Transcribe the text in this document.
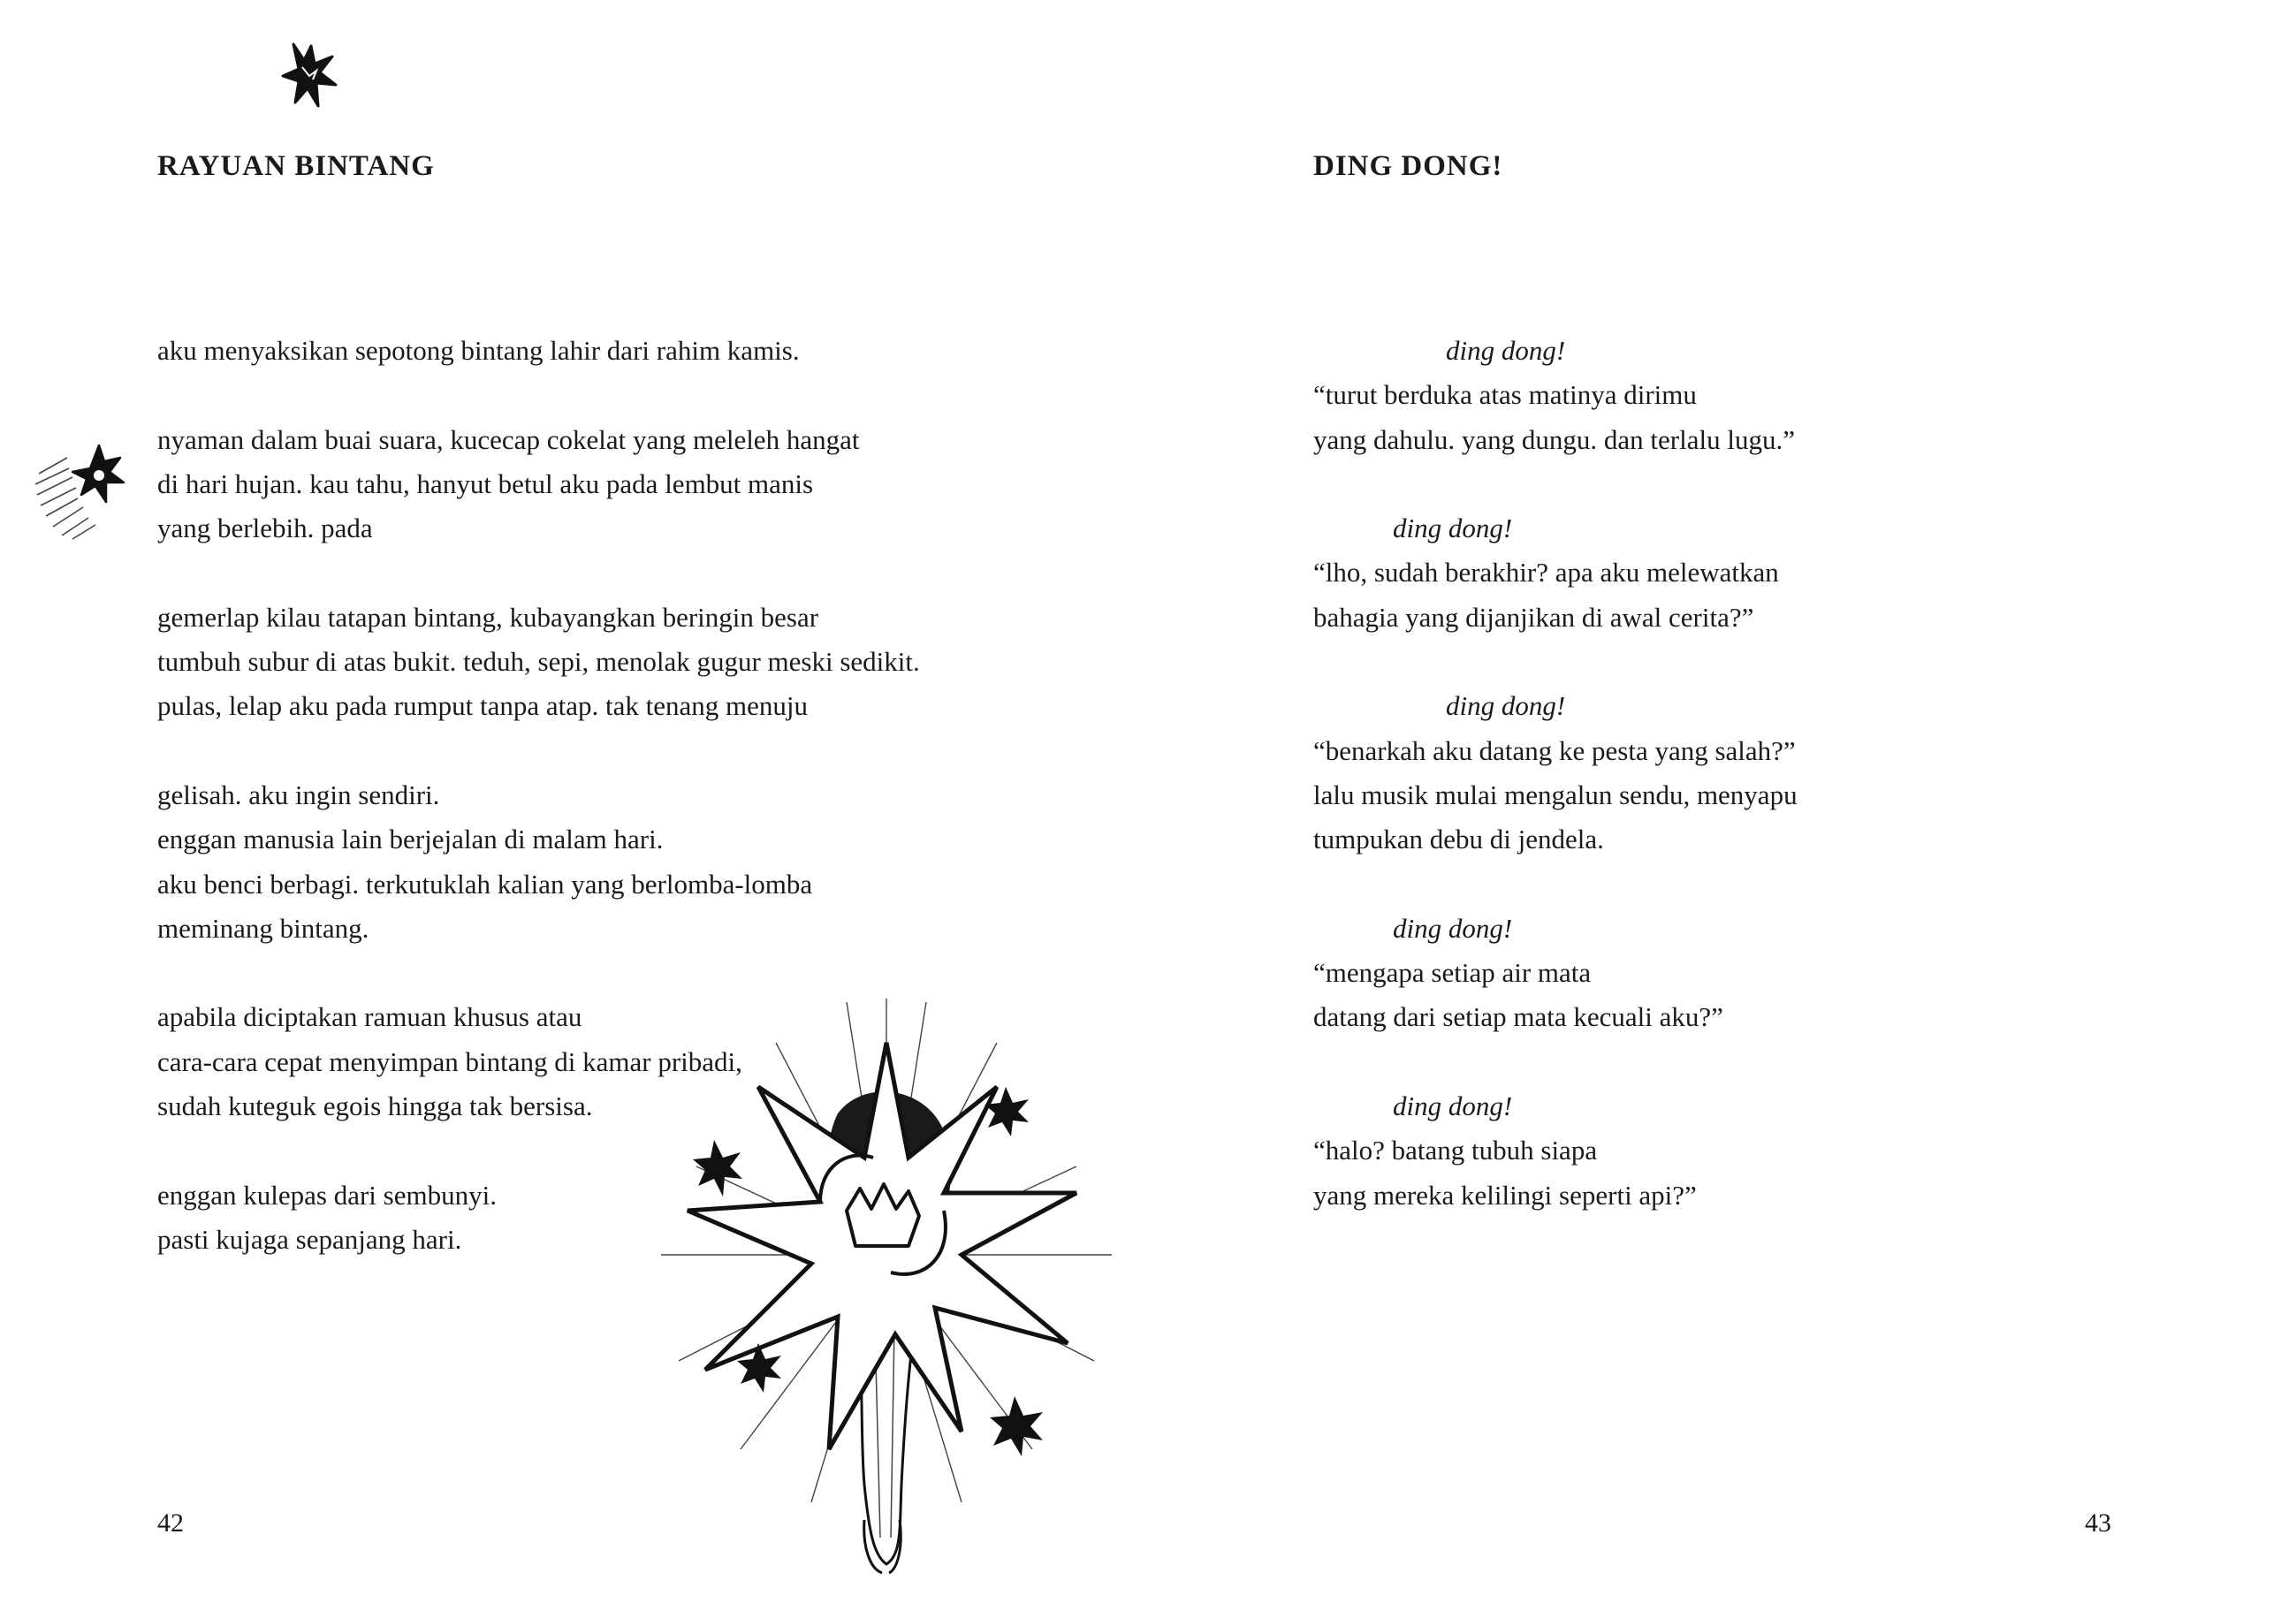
RAYUAN BINTANG

aku menyaksikan sepotong bintang lahir dari rahim kamis.

nyaman dalam buai suara, kucecap cokelat yang meleleh hangat
di hari hujan. kau tahu, hanyut betul aku pada lembut manis
yang berlebih. pada

gemerlap kilau tatapan bintang, kubayangkan beringin besar
tumbuh subur di atas bukit. teduh, sepi, menolak gugur meski sedikit.
pulas, lelap aku pada rumput tanpa atap. tak tenang menuju

gelisah. aku ingin sendiri.
enggan manusia lain berjejalan di malam hari.
aku benci berbagi. terkutuklah kalian yang berlomba-lomba
meminang bintang.

apabila diciptakan ramuan khusus atau
cara-cara cepat menyimpan bintang di kamar pribadi,
sudah kuteguk egois hingga tak bersisa.

enggan kulepas dari sembunyi.
pasti kujaga sepanjang hari.

42
DING DONG!

ding dong!
“turut berduka atas matinya dirimu
yang dahulu. yang dungu. dan terlalu lugu.”

ding dong!
“lho, sudah berakhir? apa aku melewatkan
bahagia yang dijanjikan di awal cerita?”

ding dong!
“benarkah aku datang ke pesta yang salah?”
lalu musik mulai mengalun sendu, menyapu
tumpukan debu di jendela.

ding dong!
“mengapa setiap air mata
datang dari setiap mata kecuali aku?”

ding dong!
“halo? batang tubuh siapa
yang mereka kelilingi seperti api?”

43
